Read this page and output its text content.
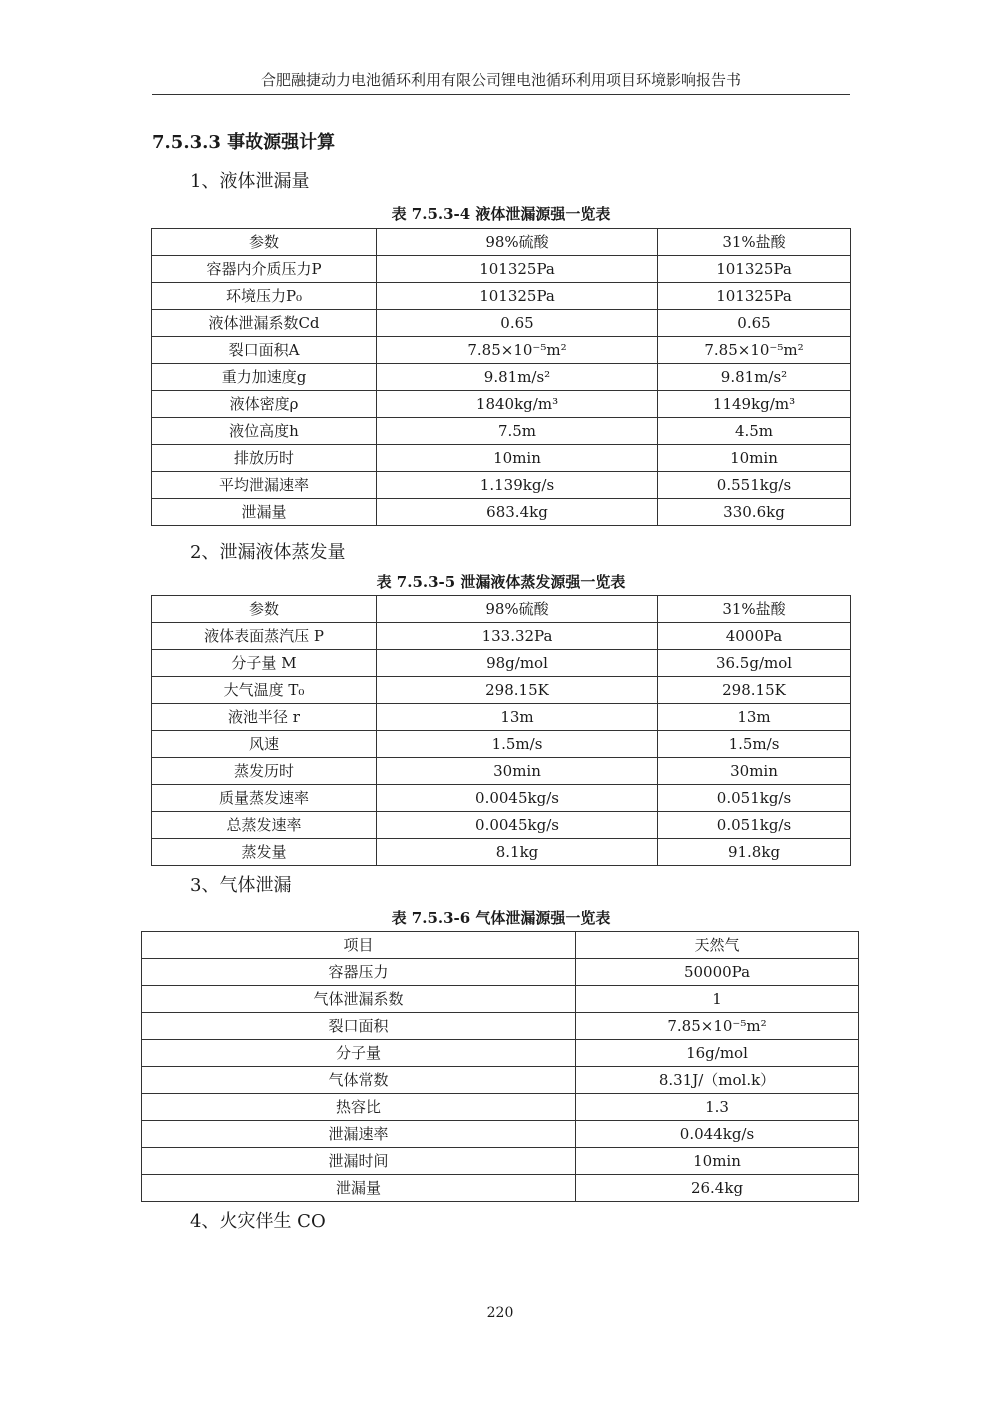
合肥融捷动力电池循环利用有限公司锂电池循环利用项目环境影响报告书
7.5.3.3 事故源强计算
1、液体泄漏量
表 7.5.3-4 液体泄漏源强一览表
参数	98%硫酸	31%盐酸
容器内介质压力P	101325Pa	101325Pa
环境压力P₀	101325Pa	101325Pa
液体泄漏系数Cd	0.65	0.65
裂口面积A	7.85×10⁻⁵m²	7.85×10⁻⁵m²
重力加速度g	9.81m/s²	9.81m/s²
液体密度ρ	1840kg/m³	1149kg/m³
液位高度h	7.5m	4.5m
排放历时	10min	10min
平均泄漏速率	1.139kg/s	0.551kg/s
泄漏量	683.4kg	330.6kg
2、泄漏液体蒸发量
表 7.5.3-5 泄漏液体蒸发源强一览表
参数	98%硫酸	31%盐酸
液体表面蒸汽压 P	133.32Pa	4000Pa
分子量 M	98g/mol	36.5g/mol
大气温度 T₀	298.15K	298.15K
液池半径 r	13m	13m
风速	1.5m/s	1.5m/s
蒸发历时	30min	30min
质量蒸发速率	0.0045kg/s	0.051kg/s
总蒸发速率	0.0045kg/s	0.051kg/s
蒸发量	8.1kg	91.8kg
3、气体泄漏
表 7.5.3-6 气体泄漏源强一览表
项目	天然气
容器压力	50000Pa
气体泄漏系数	1
裂口面积	7.85×10⁻⁵m²
分子量	16g/mol
气体常数	8.31J/（mol.k）
热容比	1.3
泄漏速率	0.044kg/s
泄漏时间	10min
泄漏量	26.4kg
4、火灾伴生 CO
220
